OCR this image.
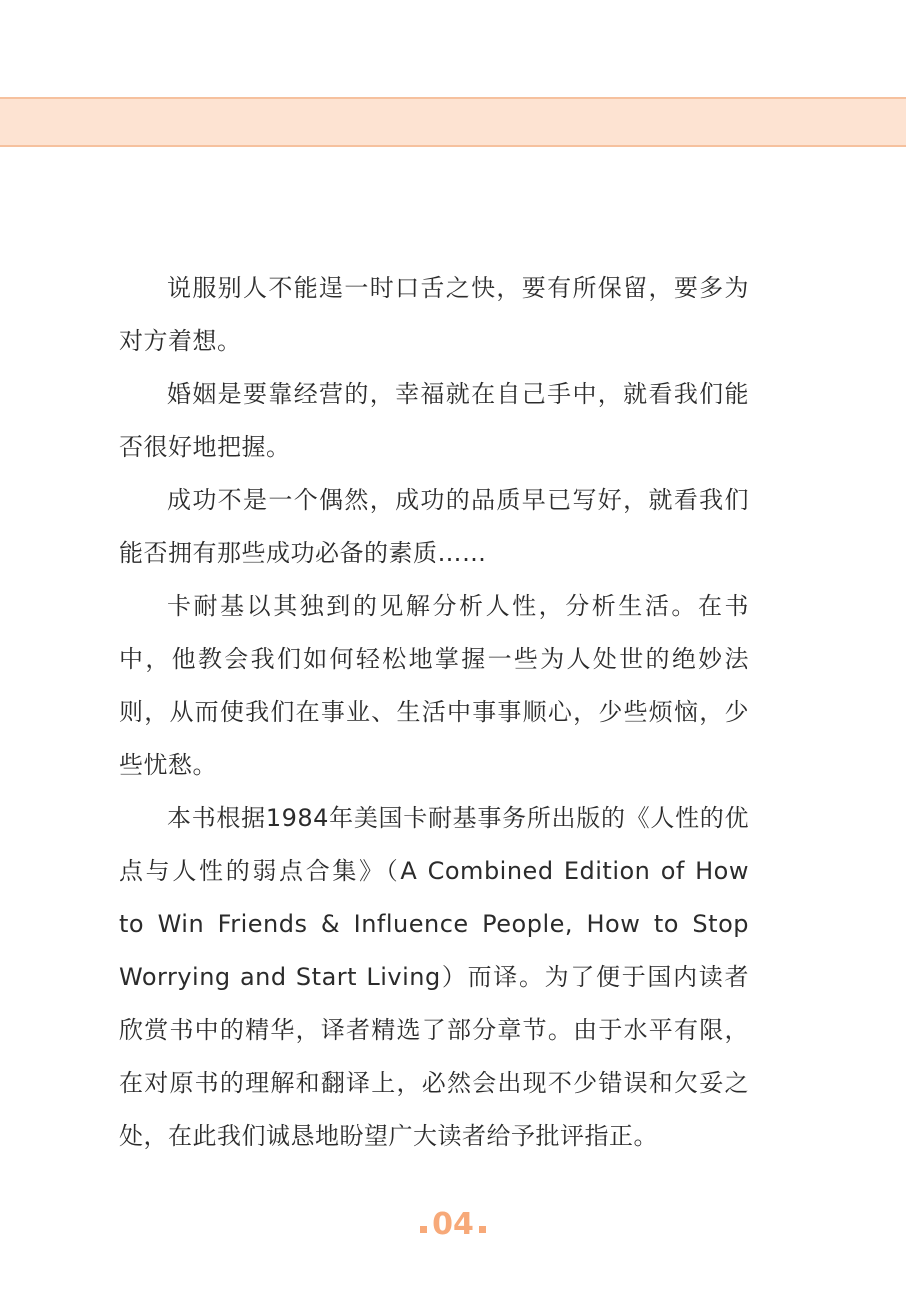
说服别人不能逞一时口舌之快，要有所保留，要多为对方着想。

婚姻是要靠经营的，幸福就在自己手中，就看我们能否很好地把握。

成功不是一个偶然，成功的品质早已写好，就看我们能否拥有那些成功必备的素质……

卡耐基以其独到的见解分析人性，分析生活。在书中，他教会我们如何轻松地掌握一些为人处世的绝妙法则，从而使我们在事业、生活中事事顺心，少些烦恼，少些忧愁。

本书根据1984年美国卡耐基事务所出版的《人性的优点与人性的弱点合集》（A Combined Edition of How to Win Friends & Influence People, How to Stop Worrying and Start Living）而译。为了便于国内读者欣赏书中的精华，译者精选了部分章节。由于水平有限，在对原书的理解和翻译上，必然会出现不少错误和欠妥之处，在此我们诚恳地盼望广大读者给予批评指正。

04
